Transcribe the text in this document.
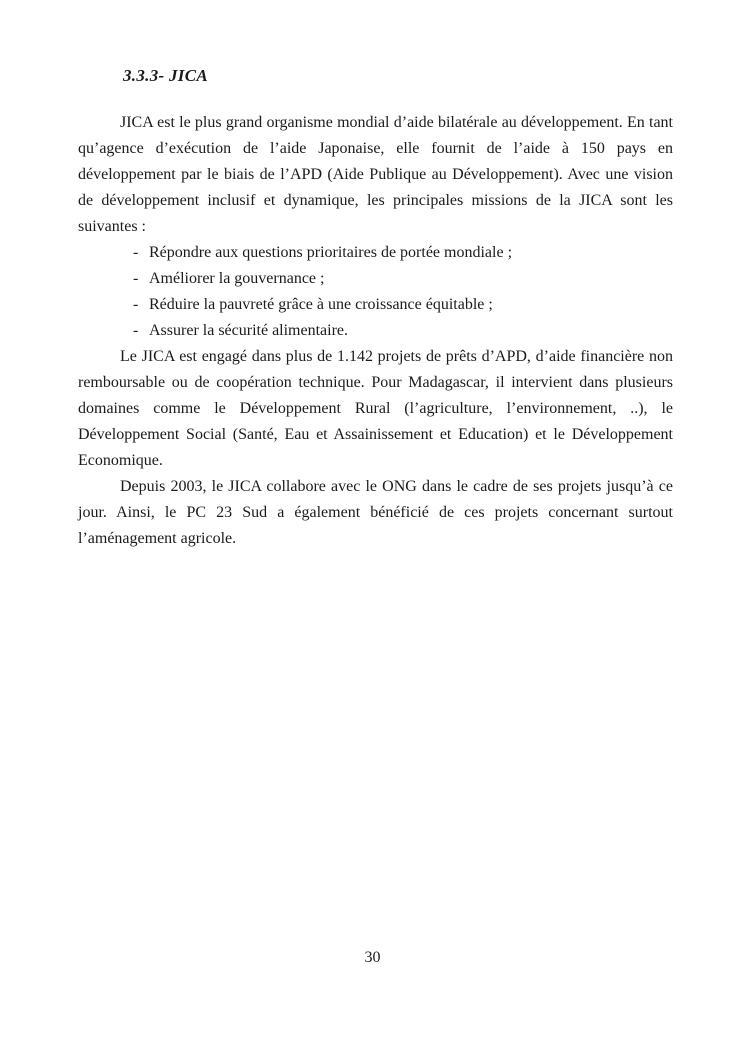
3.3.3- JICA

JICA est le plus grand organisme mondial d’aide bilatérale au développement. En tant qu’agence d’exécution de l’aide Japonaise, elle fournit de l’aide à 150 pays en développement par le biais de l’APD (Aide Publique au Développement). Avec une vision de développement inclusif et dynamique, les principales missions de la JICA sont les suivantes :

- Répondre aux questions prioritaires de portée mondiale ;
- Améliorer la gouvernance ;
- Réduire la pauvreté grâce à une croissance équitable ;
- Assurer la sécurité alimentaire.

Le JICA est engagé dans plus de 1.142 projets de prêts d’APD, d’aide financière non remboursable ou de coopération technique. Pour Madagascar, il intervient dans plusieurs domaines comme le Développement Rural (l’agriculture, l’environnement, ..), le Développement Social (Santé, Eau et Assainissement et Education) et le Développement Economique.

Depuis 2003, le JICA collabore avec le ONG dans le cadre de ses projets jusqu’à ce jour. Ainsi, le PC 23 Sud a également bénéficié de ces projets concernant surtout l’aménagement agricole.

30
